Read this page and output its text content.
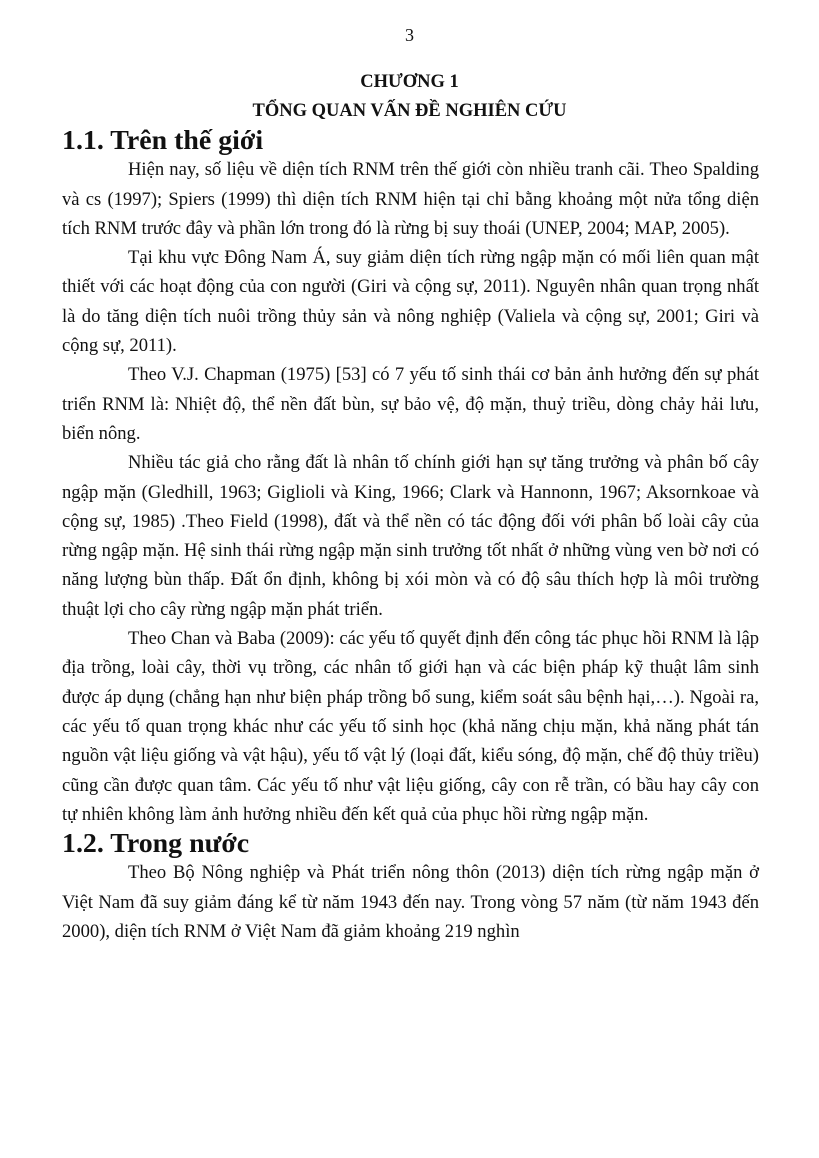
3
CHƯƠNG 1
TỔNG QUAN VẤN ĐỀ NGHIÊN CỨU
1.1. Trên thế giới

Hiện nay, số liệu về diện tích RNM trên thế giới còn nhiều tranh cãi. Theo Spalding và cs (1997); Spiers (1999) thì diện tích RNM hiện tại chỉ bằng khoảng một nửa tổng diện tích RNM trước đây và phần lớn trong đó là rừng bị suy thoái (UNEP, 2004; MAP, 2005).

Tại khu vực Đông Nam Á, suy giảm diện tích rừng ngập mặn có mối liên quan mật thiết với các hoạt động của con người (Giri và cộng sự, 2011). Nguyên nhân quan trọng nhất là do tăng diện tích nuôi trồng thủy sản và nông nghiệp (Valiela và cộng sự, 2001; Giri và cộng sự, 2011).

Theo V.J. Chapman (1975) [53] có 7 yếu tố sinh thái cơ bản ảnh hưởng đến sự phát triển RNM là: Nhiệt độ, thể nền đất bùn, sự bảo vệ, độ mặn, thuỷ triều, dòng chảy hải lưu, biển nông.

Nhiều tác giả cho rằng đất là nhân tố chính giới hạn sự tăng trưởng và phân bố cây ngập mặn (Gledhill, 1963; Giglioli và King, 1966; Clark và Hannonn, 1967; Aksornkoae và cộng sự, 1985) .Theo Field (1998), đất và thể nền có tác động đối với phân bố loài cây của rừng ngập mặn. Hệ sinh thái rừng ngập mặn sinh trưởng tốt nhất ở những vùng ven bờ nơi có năng lượng bùn thấp. Đất ổn định, không bị xói mòn và có độ sâu thích hợp là môi trường thuật lợi cho cây rừng ngập mặn phát triển.

Theo Chan và Baba (2009): các yếu tố quyết định đến công tác phục hồi RNM là lập địa trồng, loài cây, thời vụ trồng, các nhân tố giới hạn và các biện pháp kỹ thuật lâm sinh được áp dụng (chẳng hạn như biện pháp trồng bổ sung, kiểm soát sâu bệnh hại,…). Ngoài ra, các yếu tố quan trọng khác như các yếu tố sinh học (khả năng chịu mặn, khả năng phát tán nguồn vật liệu giống và vật hậu), yếu tố vật lý (loại đất, kiểu sóng, độ mặn, chế độ thủy triều) cũng cần được quan tâm. Các yếu tố như vật liệu giống, cây con rễ trần, có bầu hay cây con tự nhiên không làm ảnh hưởng nhiều đến kết quả của phục hồi rừng ngập mặn.

1.2. Trong nước

Theo Bộ Nông nghiệp và Phát triển nông thôn (2013) diện tích rừng ngập mặn ở Việt Nam đã suy giảm đáng kể từ năm 1943 đến nay. Trong vòng 57 năm (từ năm 1943 đến 2000), diện tích RNM ở Việt Nam đã giảm khoảng 219 nghìn
